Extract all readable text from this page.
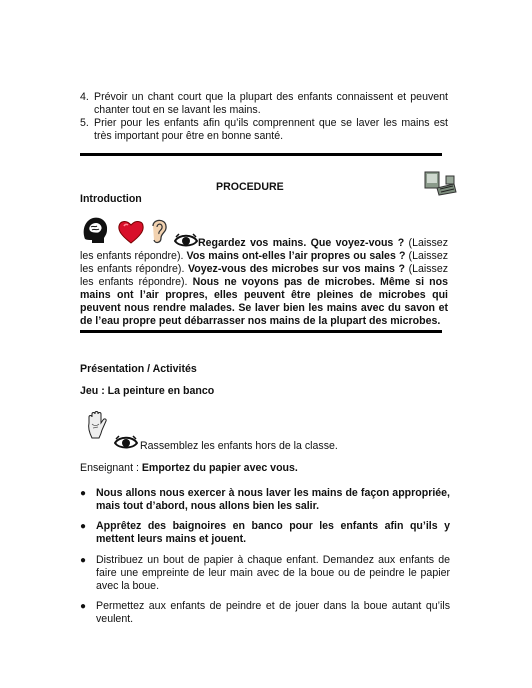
4. Prévoir un chant court que la plupart des enfants connaissent et peuvent chanter tout en se lavant les mains.
5. Prier pour les enfants afin qu’ils comprennent que se laver les mains est très important pour être en bonne santé.
PROCEDURE
Introduction
Regardez vos mains. Que voyez-vous ? (Laissez les enfants répondre). Vos mains ont-elles l’air propres ou sales ? (Laissez les enfants répondre). Voyez-vous des microbes sur vos mains ? (Laissez les enfants répondre). Nous ne voyons pas de microbes. Même si nos mains ont l’air propres, elles peuvent être pleines de microbes qui peuvent nous rendre malades. Se laver bien les mains avec du savon et de l’eau propre peut débarrasser nos mains de la plupart des microbes.
Présentation / Activités
Jeu : La peinture en banco
Rassemblez les enfants hors de la classe.
Enseignant : Emportez du papier avec vous.
● Nous allons nous exercer à nous laver les mains de façon appropriée, mais tout d’abord, nous allons bien les salir.
● Apprêtez des baignoires en banco pour les enfants afin qu’ils y mettent leurs mains et jouent.
● Distribuez un bout de papier à chaque enfant. Demandez aux enfants de faire une empreinte de leur main avec de la boue ou de peindre le papier avec la boue.
● Permettez aux enfants de peindre et de jouer dans la boue autant qu’ils veulent.
